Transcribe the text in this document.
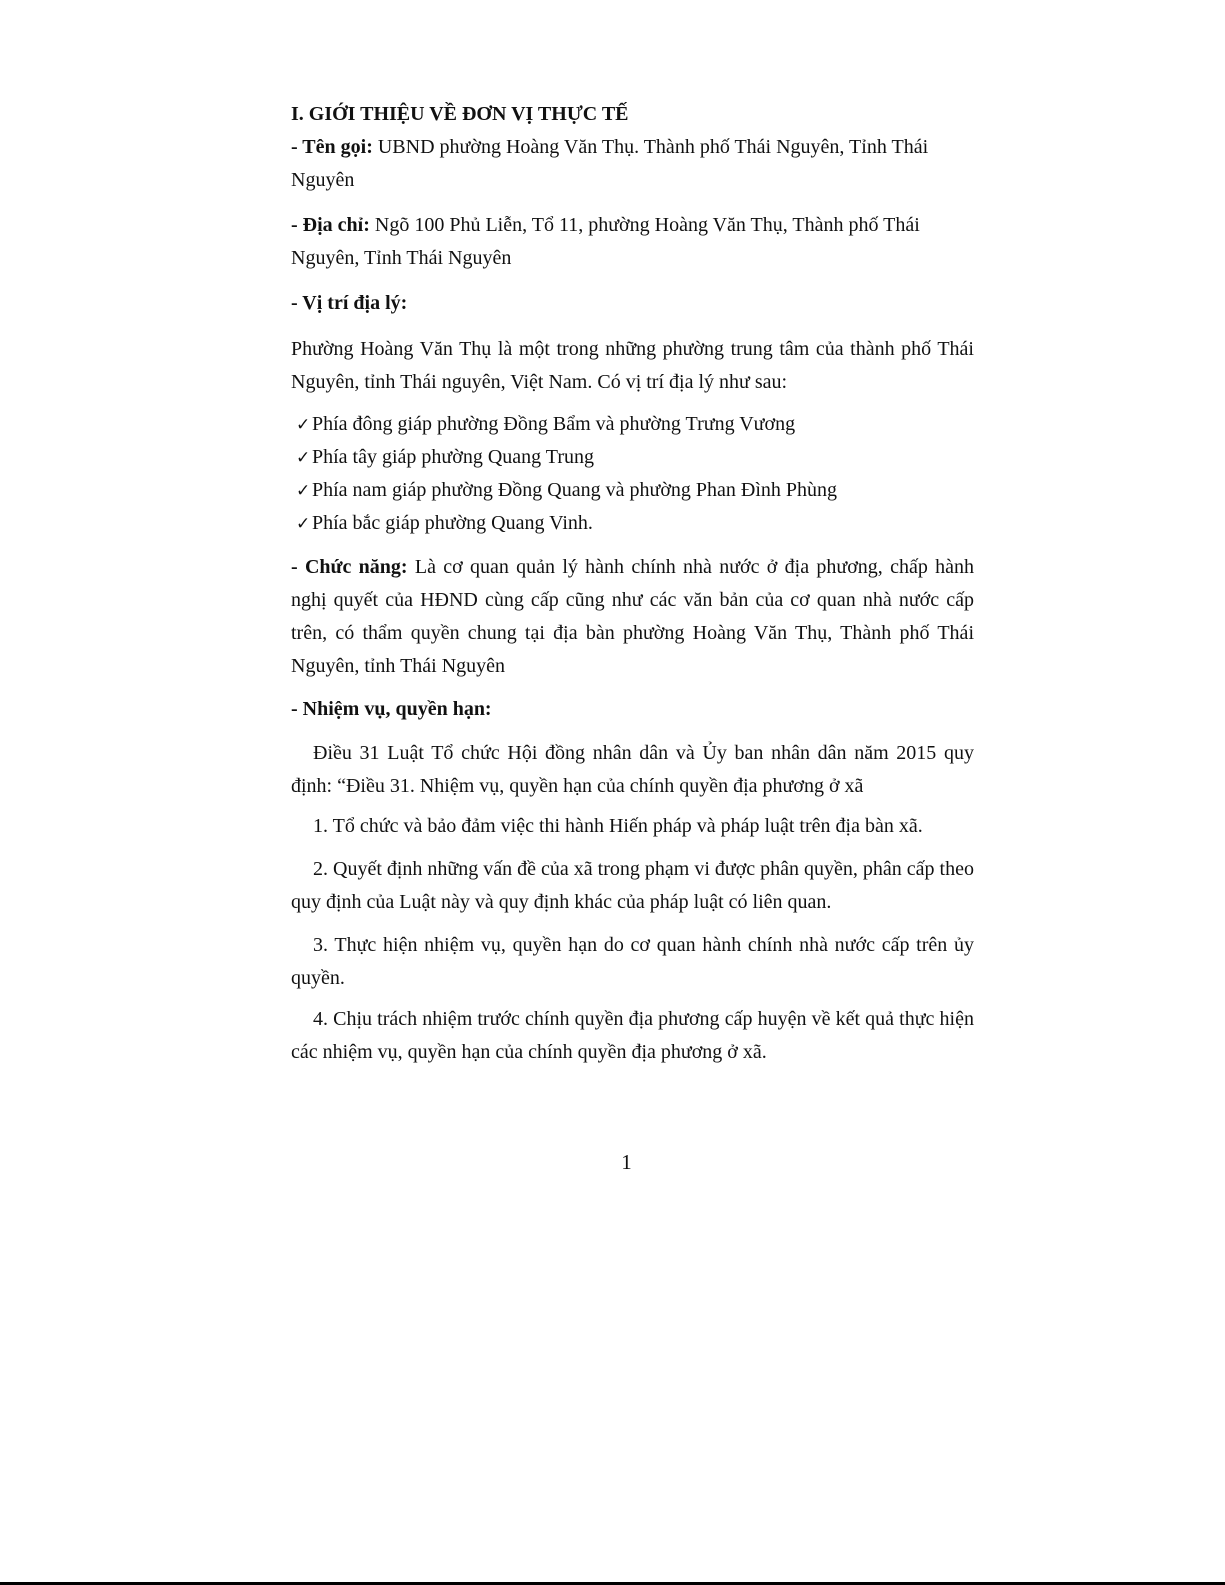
I. GIỚI THIỆU VỀ ĐƠN VỊ THỰC TẾ

- Tên gọi: UBND phường Hoàng Văn Thụ. Thành phố Thái Nguyên, Tỉnh Thái Nguyên

- Địa chỉ: Ngõ 100 Phủ Liễn, Tổ 11, phường Hoàng Văn Thụ, Thành phố Thái Nguyên, Tỉnh Thái Nguyên

- Vị trí địa lý:

Phường Hoàng Văn Thụ là một trong những phường trung tâm của thành phố Thái Nguyên, tỉnh Thái nguyên, Việt Nam. Có vị trí địa lý như sau:

✓Phía đông giáp phường Đồng Bẩm và phường Trưng Vương
✓Phía tây giáp phường Quang Trung
✓Phía nam giáp phường Đồng Quang và phường Phan Đình Phùng
✓Phía bắc giáp phường Quang Vinh.

- Chức năng: Là cơ quan quản lý hành chính nhà nước ở địa phương, chấp hành nghị quyết của HĐND cùng cấp cũng như các văn bản của cơ quan nhà nước cấp trên, có thẩm quyền chung tại địa bàn phường Hoàng Văn Thụ, Thành phố Thái Nguyên, tỉnh Thái Nguyên

- Nhiệm vụ, quyền hạn:

Điều 31 Luật Tổ chức Hội đồng nhân dân và Ủy ban nhân dân năm 2015 quy định: “Điều 31. Nhiệm vụ, quyền hạn của chính quyền địa phương ở xã

1. Tổ chức và bảo đảm việc thi hành Hiến pháp và pháp luật trên địa bàn xã.

2. Quyết định những vấn đề của xã trong phạm vi được phân quyền, phân cấp theo quy định của Luật này và quy định khác của pháp luật có liên quan.

3. Thực hiện nhiệm vụ, quyền hạn do cơ quan hành chính nhà nước cấp trên ủy quyền.

4. Chịu trách nhiệm trước chính quyền địa phương cấp huyện về kết quả thực hiện các nhiệm vụ, quyền hạn của chính quyền địa phương ở xã.

1
